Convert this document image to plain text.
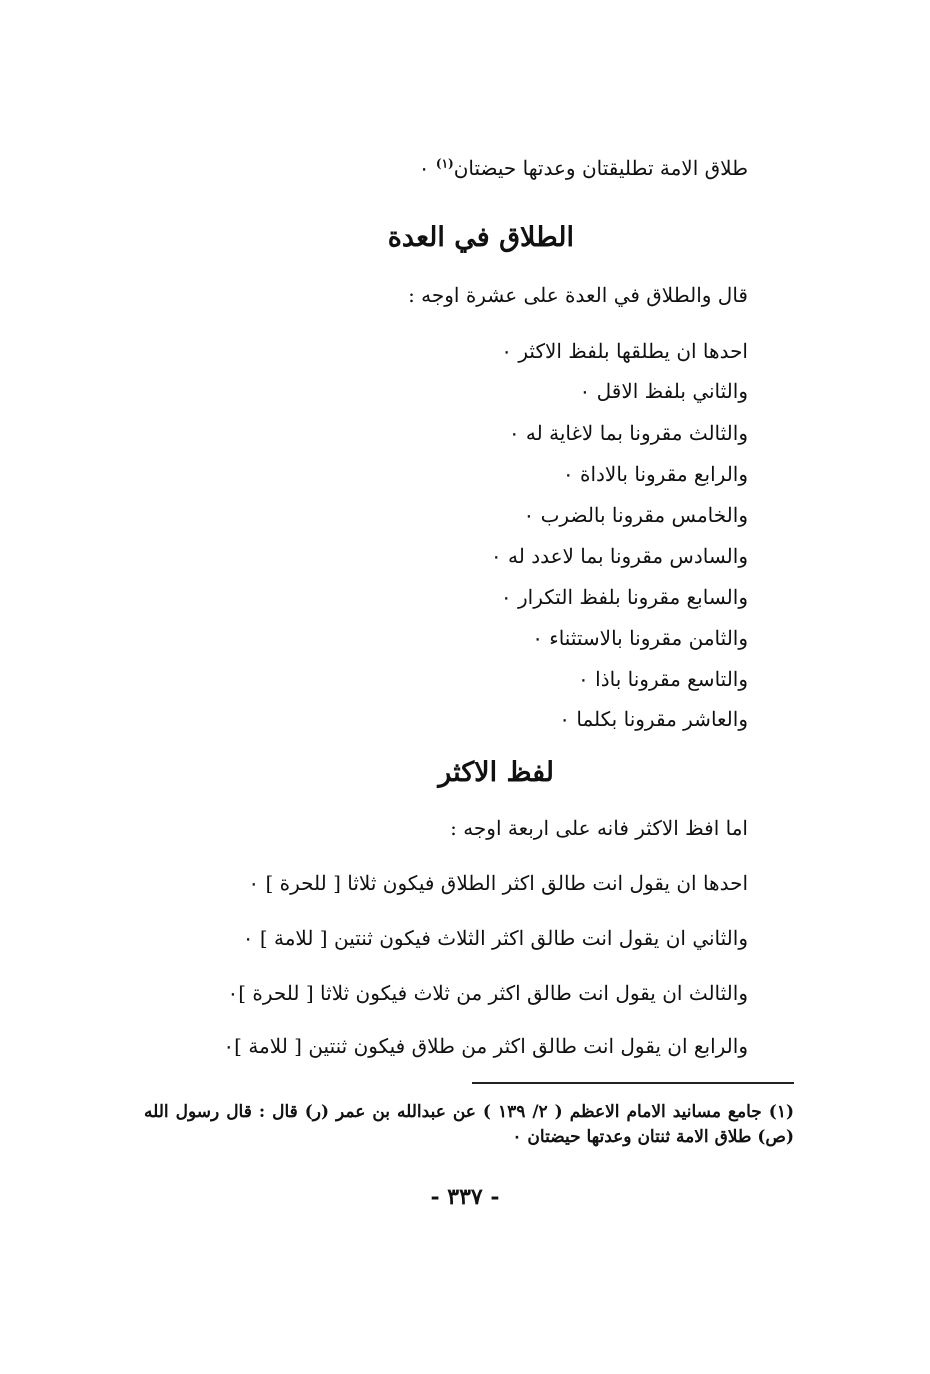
طلاق الامة تطليقتان وعدتها حيضتان$^{(١)}$ ٠
الطلاق في العدة
قال والطلاق في العدة على عشرة اوجه :
احدها ان يطلقها بلفظ الاكثر ٠
والثاني بلفظ الاقل ٠
والثالث مقرونا بما لاغاية له ٠
والرابع مقرونا بالاداة ٠
والخامس مقرونا بالضرب ٠
والسادس مقرونا بما لاعدد له ٠
والسابع مقرونا بلفظ التكرار ٠
والثامن مقرونا بالاستثناء ٠
والتاسع مقرونا باذا ٠
والعاشر مقرونا بكلما ٠
لفظ الاكثر
اما افظ الاكثر فانه على اربعة اوجه :
احدها ان يقول انت طالق اكثر الطلاق فيكون ثلاثا [ للحرة ] ٠
والثاني ان يقول انت طالق اكثر الثلاث فيكون ثنتين [ للامة ] ٠
والثالث ان يقول انت طالق اكثر من ثلاث فيكون ثلاثا [ للحرة ]٠
والرابع ان يقول انت طالق اكثر من طلاق فيكون ثنتين [ للامة ]٠
(١) جامع مسانيد الامام الاعظم ( ٢/ ١٣٩ ) عن عبدالله بن عمر (ر) قال : قال رسول الله (ص) طلاق الامة ثنتان وعدتها حيضتان ٠
- ٣٣٧ -
